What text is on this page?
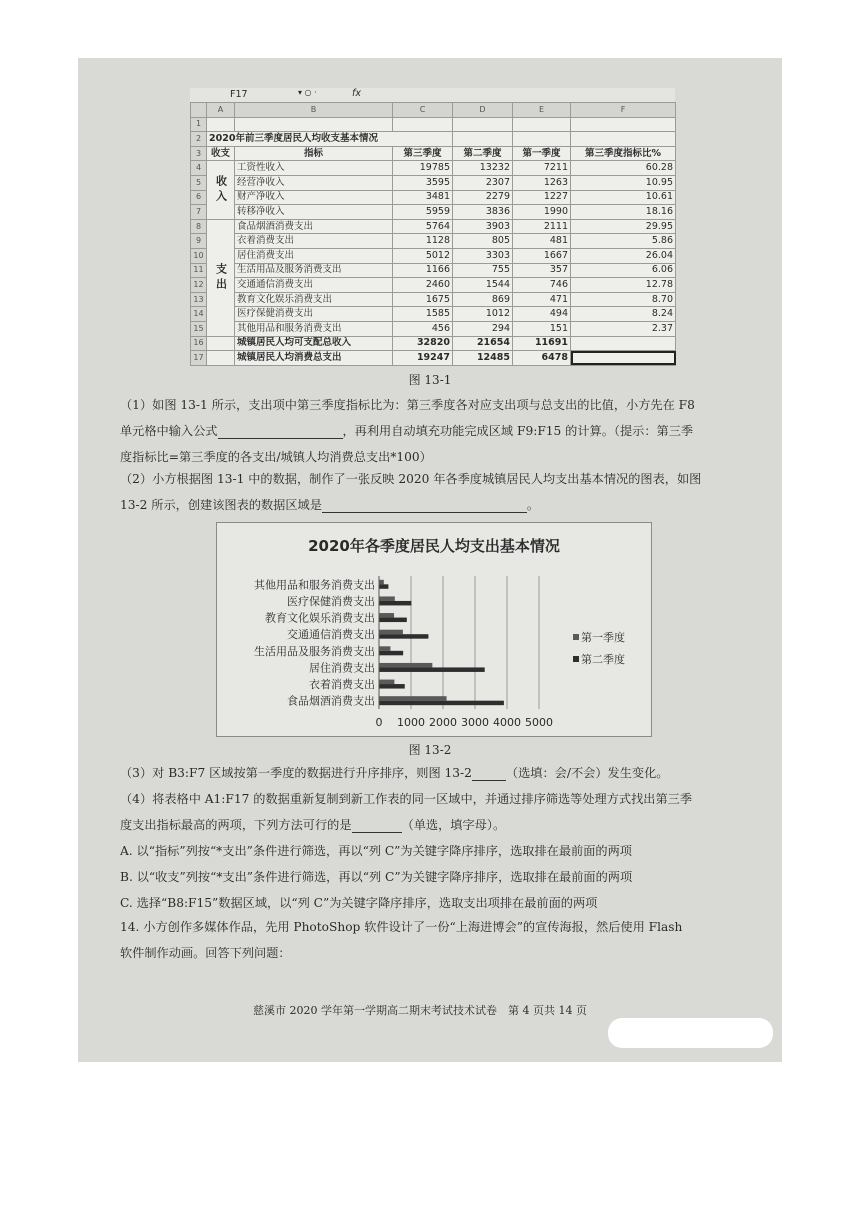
F17	▾ ○ ·	fx
	A	B	C	D	E	F
1						
2	2020年前三季度居民人均收支基本情况					
3	收支	指标	第三季度	第二季度	第一季度	第三季度指标比%
4	收入	工资性收入	19785	13232	7211	60.28
5		经营净收入	3595	2307	1263	10.95
6		财产净收入	3481	2279	1227	10.61
7		转移净收入	5959	3836	1990	18.16
8	支出	食品烟酒消费支出	5764	3903	2111	29.95
9		衣着消费支出	1128	805	481	5.86
10		居住消费支出	5012	3303	1667	26.04
11		生活用品及服务消费支出	1166	755	357	6.06
12		交通通信消费支出	2460	1544	746	12.78
13		教育文化娱乐消费支出	1675	869	471	8.70
14		医疗保健消费支出	1585	1012	494	8.24
15		其他用品和服务消费支出	456	294	151	2.37
16		城镇居民人均可支配总收入	32820	21654	11691	
17		城镇居民人均消费总支出	19247	12485	6478	
图 13-1

（1）如图 13-1 所示，支出项中第三季度指标比为：第三季度各对应支出项与总支出的比值，小方先在 F8
单元格中输入公式	，再利用自动填充功能完成区域 F9:F15 的计算。（提示：第三季
度指标比=第三季度的各支出/城镇人均消费总支出*100）

（2）小方根据图 13-1 中的数据，制作了一张反映 2020 年各季度城镇居民人均支出基本情况的图表，如图
13-2 所示，创建该图表的数据区域是	。

2020年各季度居民人均支出基本情况
0 1000 2000 3000 4000 5000
其他用品和服务消费支出
医疗保健消费支出
教育文化娱乐消费支出
交通通信消费支出
生活用品及服务消费支出
居住消费支出
衣着消费支出
食品烟酒消费支出
第一季度
第二季度
图 13-2

（3）对 B3:F7 区域按第一季度的数据进行升序排序，则图 13-2	（选填：会/不会）发生变化。

（4）将表格中 A1:F17 的数据重新复制到新工作表的同一区域中，并通过排序筛选等处理方式找出第三季
度支出指标最高的两项，下列方法可行的是	（单选，填字母）。
A. 以“指标”列按“*支出”条件进行筛选，再以“列 C”为关键字降序排序，选取排在最前面的两项
B. 以“收支”列按“*支出”条件进行筛选，再以“列 C”为关键字降序排序，选取排在最前面的两项
C. 选择“B8:F15”数据区域，以“列 C”为关键字降序排序，选取支出项排在最前面的两项

14. 小方创作多媒体作品，先用 PhotoShop 软件设计了一份“上海进博会”的宣传海报，然后使用 Flash
软件制作动画。回答下列问题：

慈溪市 2020 学年第一学期高二期末考试技术试卷　第 4 页共 14 页
